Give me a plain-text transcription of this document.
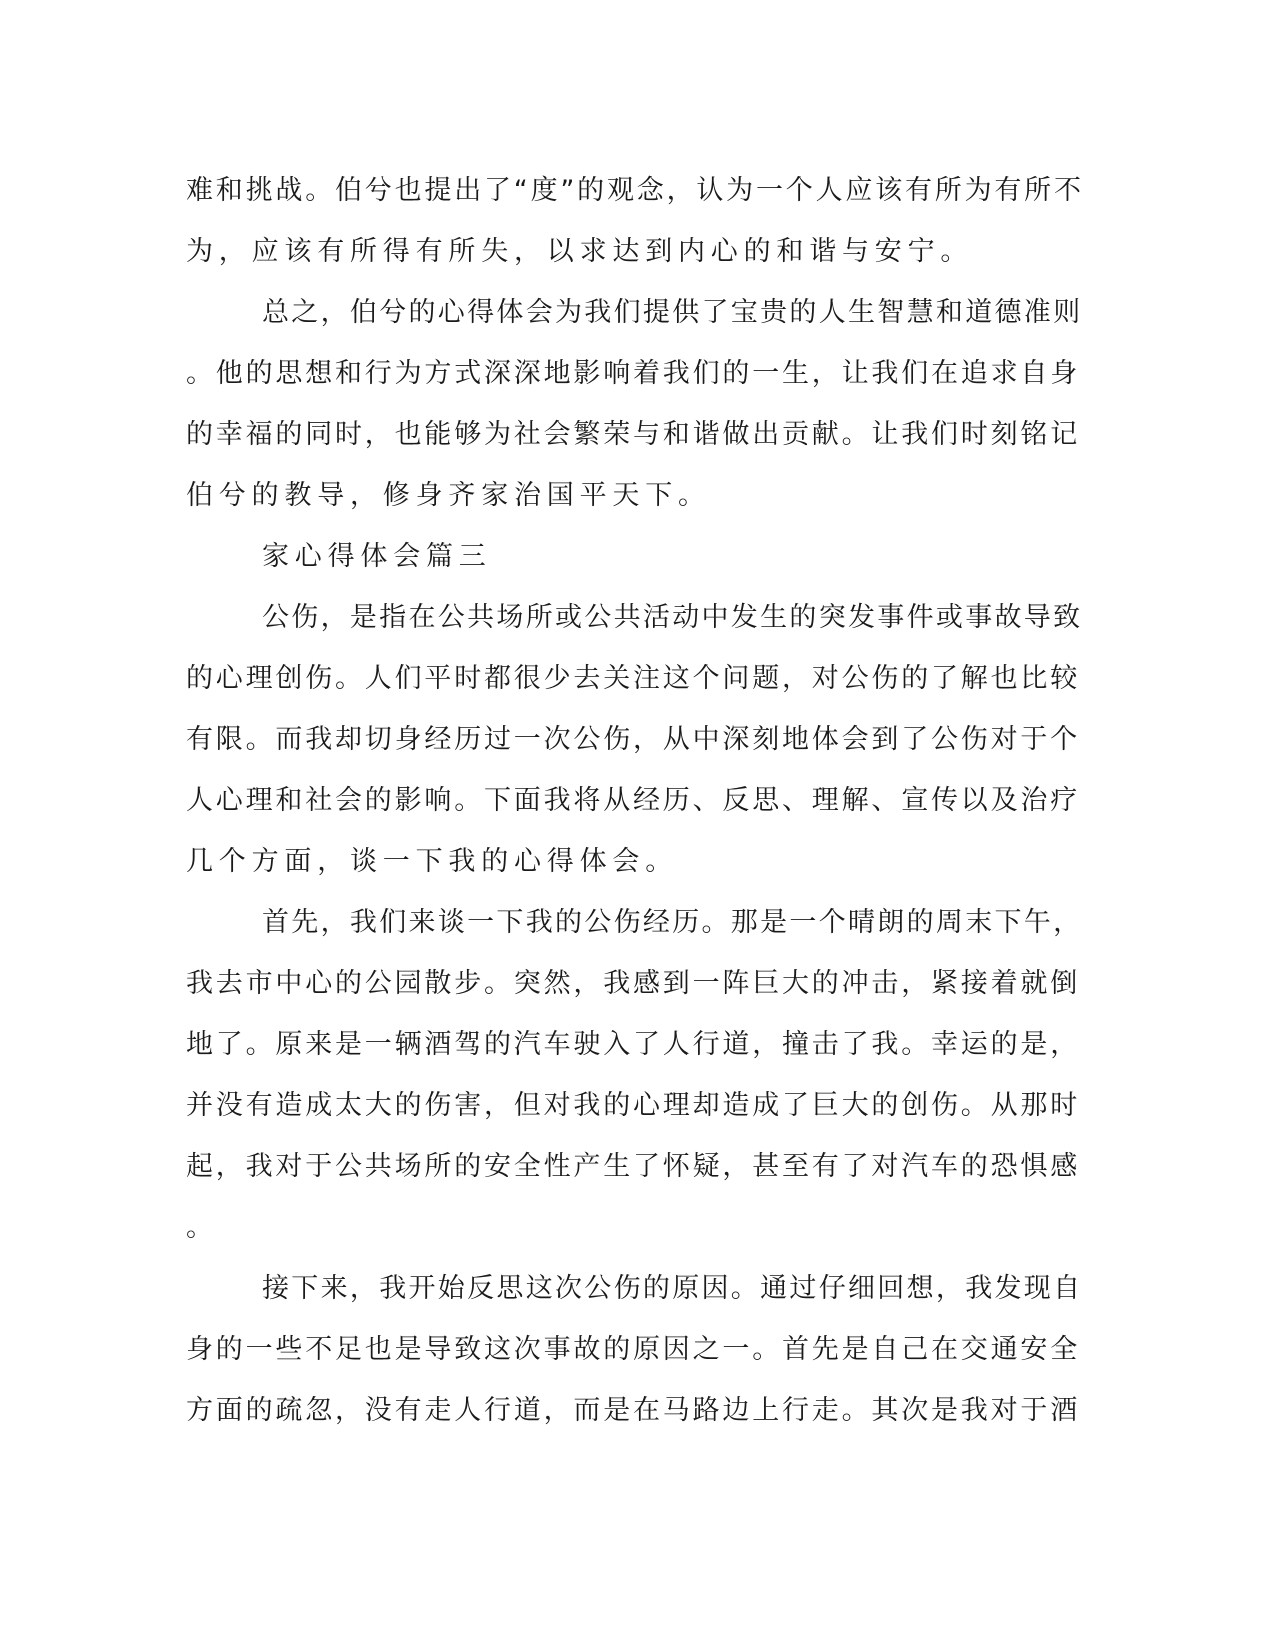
难和挑战。伯兮也提出了“度”的观念，认为一个人应该有所为有所不
为，应该有所得有所失，以求达到内心的和谐与安宁。
总之，伯兮的心得体会为我们提供了宝贵的人生智慧和道德准则
。他的思想和行为方式深深地影响着我们的一生，让我们在追求自身
的幸福的同时，也能够为社会繁荣与和谐做出贡献。让我们时刻铭记
伯兮的教导，修身齐家治国平天下。
家心得体会篇三
公伤，是指在公共场所或公共活动中发生的突发事件或事故导致
的心理创伤。人们平时都很少去关注这个问题，对公伤的了解也比较
有限。而我却切身经历过一次公伤，从中深刻地体会到了公伤对于个
人心理和社会的影响。下面我将从经历、反思、理解、宣传以及治疗
几个方面，谈一下我的心得体会。
首先，我们来谈一下我的公伤经历。那是一个晴朗的周末下午，
我去市中心的公园散步。突然，我感到一阵巨大的冲击，紧接着就倒
地了。原来是一辆酒驾的汽车驶入了人行道，撞击了我。幸运的是，
并没有造成太大的伤害，但对我的心理却造成了巨大的创伤。从那时
起，我对于公共场所的安全性产生了怀疑，甚至有了对汽车的恐惧感
。
接下来，我开始反思这次公伤的原因。通过仔细回想，我发现自
身的一些不足也是导致这次事故的原因之一。首先是自己在交通安全
方面的疏忽，没有走人行道，而是在马路边上行走。其次是我对于酒
